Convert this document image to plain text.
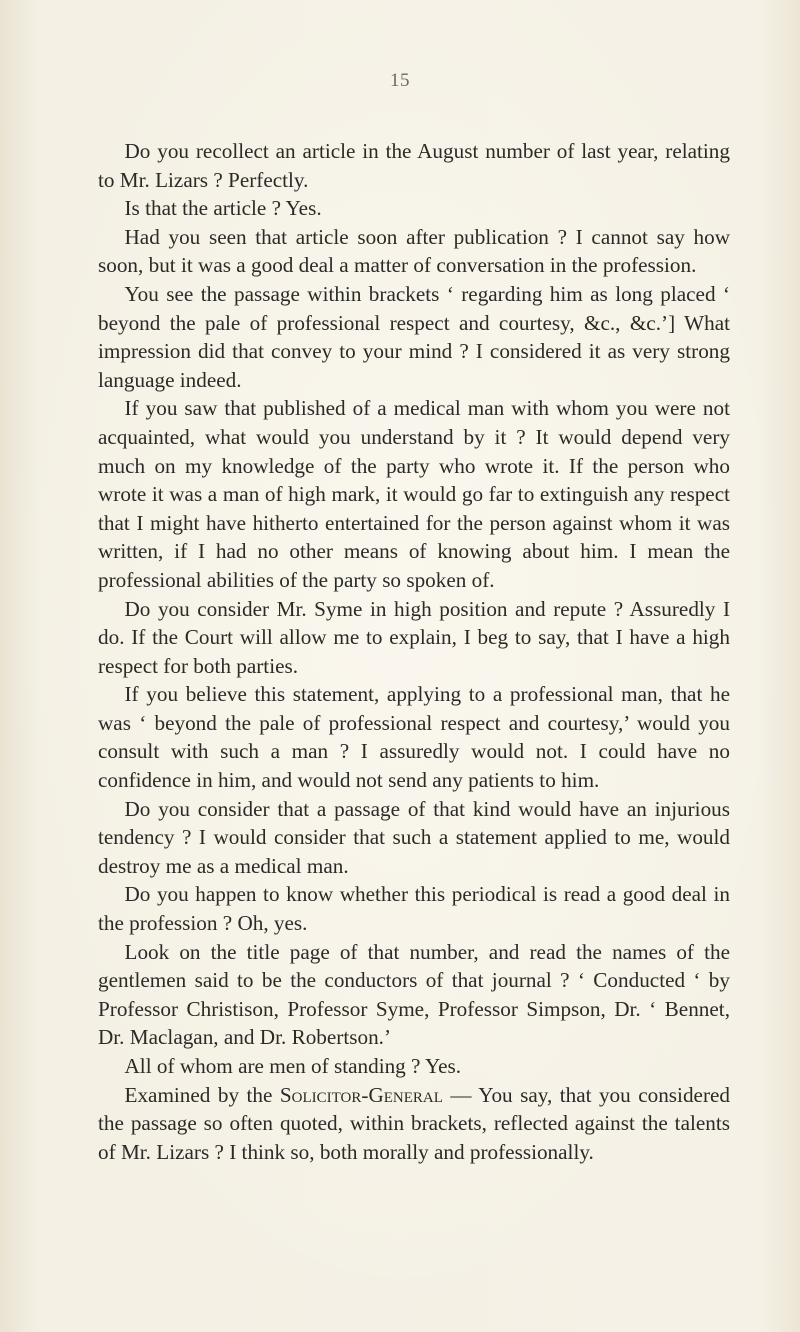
15

Do you recollect an article in the August number of last year, relating to Mr. Lizars ? Perfectly.

Is that the article ? Yes.

Had you seen that article soon after publication ? I cannot say how soon, but it was a good deal a matter of conversation in the profession.

You see the passage within brackets ‘ regarding him as long placed ‘ beyond the pale of professional respect and courtesy, &c., &c.’] What impression did that convey to your mind ? I considered it as very strong language indeed.

If you saw that published of a medical man with whom you were not acquainted, what would you understand by it ? It would depend very much on my knowledge of the party who wrote it. If the person who wrote it was a man of high mark, it would go far to extinguish any respect that I might have hitherto entertained for the person against whom it was written, if I had no other means of knowing about him. I mean the professional abilities of the party so spoken of.

Do you consider Mr. Syme in high position and repute ? Assuredly I do. If the Court will allow me to explain, I beg to say, that I have a high respect for both parties.

If you believe this statement, applying to a professional man, that he was ‘ beyond the pale of professional respect and courtesy,’ would you consult with such a man ? I assuredly would not. I could have no confidence in him, and would not send any patients to him.

Do you consider that a passage of that kind would have an injurious tendency ? I would consider that such a statement applied to me, would destroy me as a medical man.

Do you happen to know whether this periodical is read a good deal in the profession ? Oh, yes.

Look on the title page of that number, and read the names of the gentlemen said to be the conductors of that journal ? ‘ Conducted ‘ by Professor Christison, Professor Syme, Professor Simpson, Dr. ‘ Bennet, Dr. Maclagan, and Dr. Robertson.’

All of whom are men of standing ? Yes.

Examined by the Solicitor-General — You say, that you considered the passage so often quoted, within brackets, reflected against the talents of Mr. Lizars ? I think so, both morally and professionally.
